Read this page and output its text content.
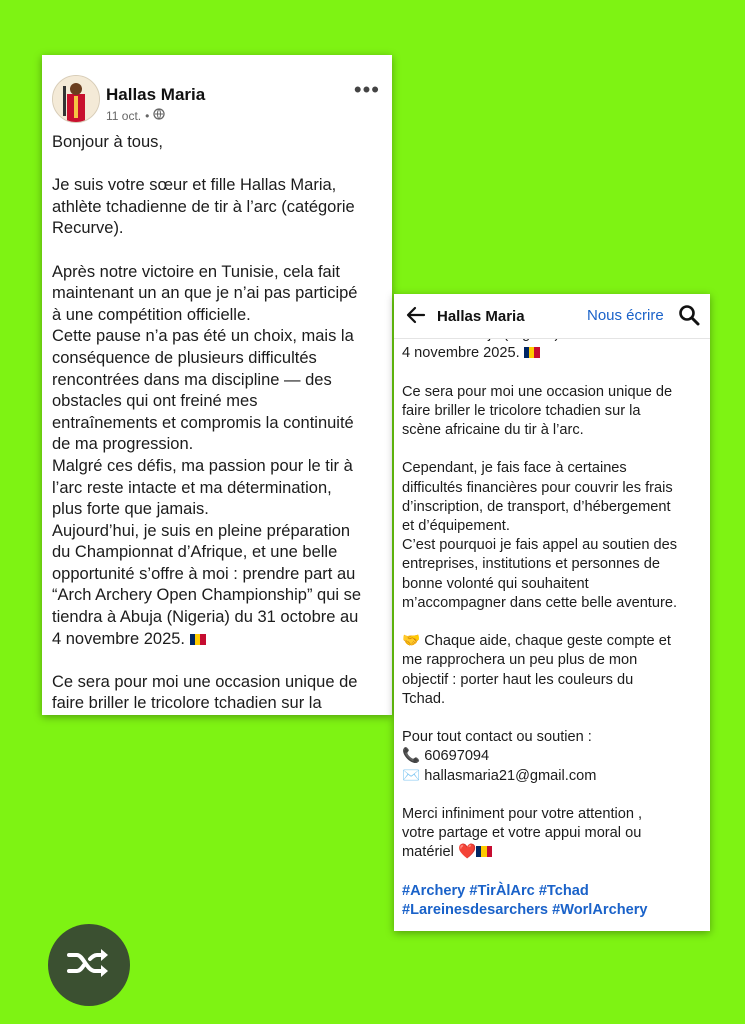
Hallas Maria
11 oct. •
•••
Bonjour à tous,

Je suis votre sœur et fille Hallas Maria,
athlète tchadienne de tir à l’arc (catégorie
Recurve).

Après notre victoire en Tunisie, cela fait
maintenant un an que je n’ai pas participé
à une compétition officielle.
Cette pause n’a pas été un choix, mais la
conséquence de plusieurs difficultés
rencontrées dans ma discipline — des
obstacles qui ont freiné mes
entraînements et compromis la continuité
de ma progression.
Malgré ces défis, ma passion pour le tir à
l’arc reste intacte et ma détermination,
plus forte que jamais.
Aujourd’hui, je suis en pleine préparation
du Championnat d’Afrique, et une belle
opportunité s’offre à moi : prendre part au
“Arch Archery Open Championship” qui se
tiendra à Abuja (Nigeria) du 31 octobre au
4 novembre 2025.

Ce sera pour moi une occasion unique de
faire briller le tricolore tchadien sur la
Hallas Maria	Nous écrire

4 novembre 2025.

Ce sera pour moi une occasion unique de
faire briller le tricolore tchadien sur la
scène africaine du tir à l’arc.

Cependant, je fais face à certaines
difficultés financières pour couvrir les frais
d’inscription, de transport, d’hébergement
et d’équipement.
C’est pourquoi je fais appel au soutien des
entreprises, institutions et personnes de
bonne volonté qui souhaitent
m’accompagner dans cette belle aventure.

🤝 Chaque aide, chaque geste compte et
me rapprochera un peu plus de mon
objectif : porter haut les couleurs du
Tchad.

Pour tout contact ou soutien :
📞 60697094
✉️ hallasmaria21@gmail.com

Merci infiniment pour votre attention ,
votre partage et votre appui moral ou
matériel ❤️

#Archery #TirÀlArc #Tchad
#Lareinesdesarchers #WorlArchery
